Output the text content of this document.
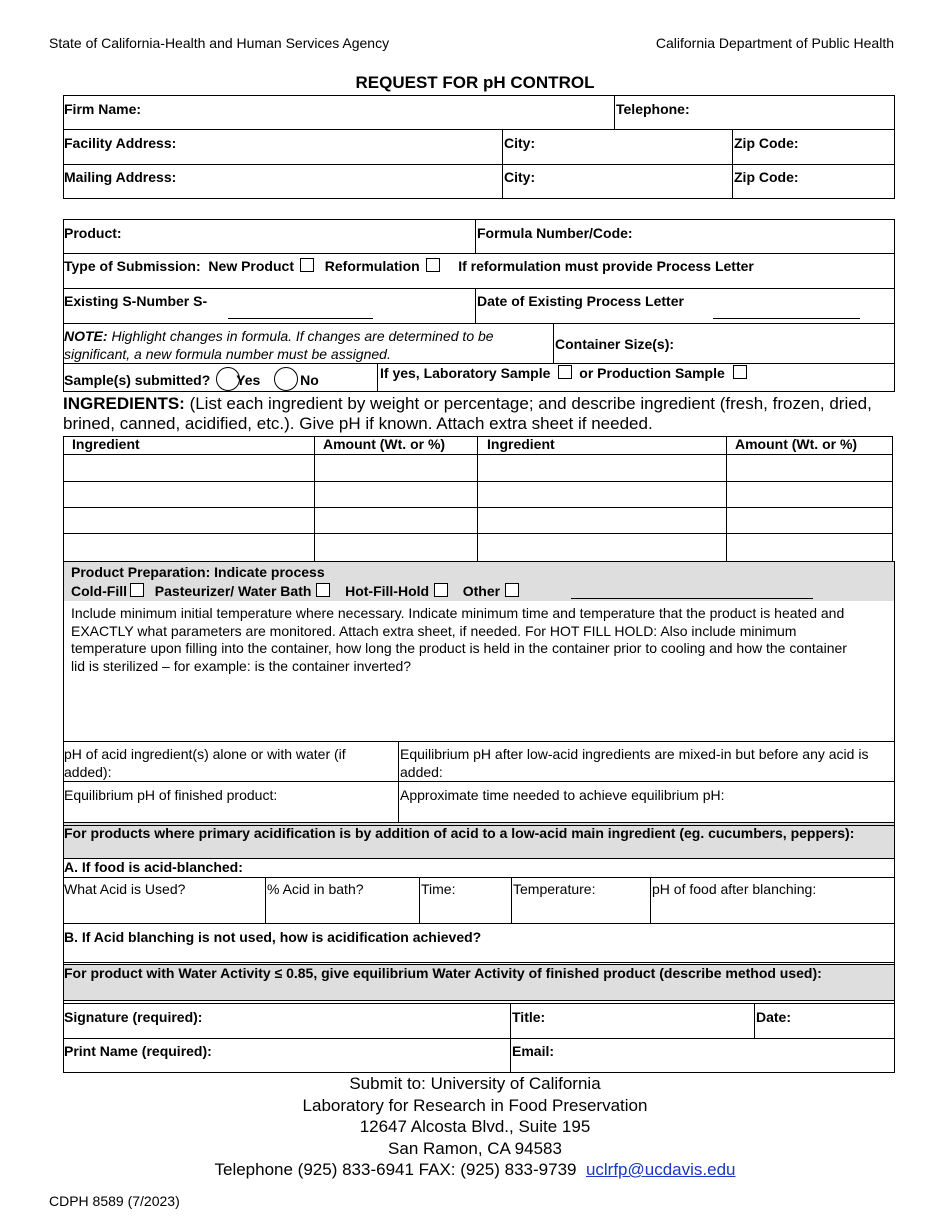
State of California-Health and Human Services Agency	California Department of Public Health
REQUEST FOR pH CONTROL
Firm Name:	Telephone:
Facility Address:	City:	Zip Code:
Mailing Address:	City:	Zip Code:
Product:	Formula Number/Code:
Type of Submission: New Product Reformulation	If reformulation must provide Process Letter
Existing S-Number S-	Date of Existing Process Letter
NOTE: Highlight changes in formula. If changes are determined to be significant, a new formula number must be assigned.
Container Size(s):
Sample(s) submitted? Yes	No	If yes, Laboratory Sample or Production Sample
INGREDIENTS: (List each ingredient by weight or percentage; and describe ingredient (fresh, frozen, dried, brined, canned, acidified, etc.). Give pH if known. Attach extra sheet if needed.
Ingredient	Amount (Wt. or %)	Ingredient	Amount (Wt. or %)
Product Preparation: Indicate process
Cold-Fill Pasteurizer/ Water Bath Hot-Fill-Hold Other
Include minimum initial temperature where necessary. Indicate minimum time and temperature that the product is heated and EXACTLY what parameters are monitored. Attach extra sheet, if needed. For HOT FILL HOLD: Also include minimum temperature upon filling into the container, how long the product is held in the container prior to cooling and how the container lid is sterilized – for example: is the container inverted?
pH of acid ingredient(s) alone or with water (if added):
Equilibrium pH after low-acid ingredients are mixed-in but before any acid is added:
Equilibrium pH of finished product:	Approximate time needed to achieve equilibrium pH:
For products where primary acidification is by addition of acid to a low-acid main ingredient (eg. cucumbers, peppers):
A. If food is acid-blanched:
What Acid is Used?	% Acid in bath?	Time:	Temperature:	pH of food after blanching:
B. If Acid blanching is not used, how is acidification achieved?
For product with Water Activity ≤ 0.85, give equilibrium Water Activity of finished product (describe method used):
Signature (required):	Title:	Date:
Print Name (required):	Email:
Submit to: University of California
Laboratory for Research in Food Preservation
12647 Alcosta Blvd., Suite 195
San Ramon, CA 94583
Telephone (925) 833-6941 FAX: (925) 833-9739 uclrfp@ucdavis.edu
CDPH 8589 (7/2023)
